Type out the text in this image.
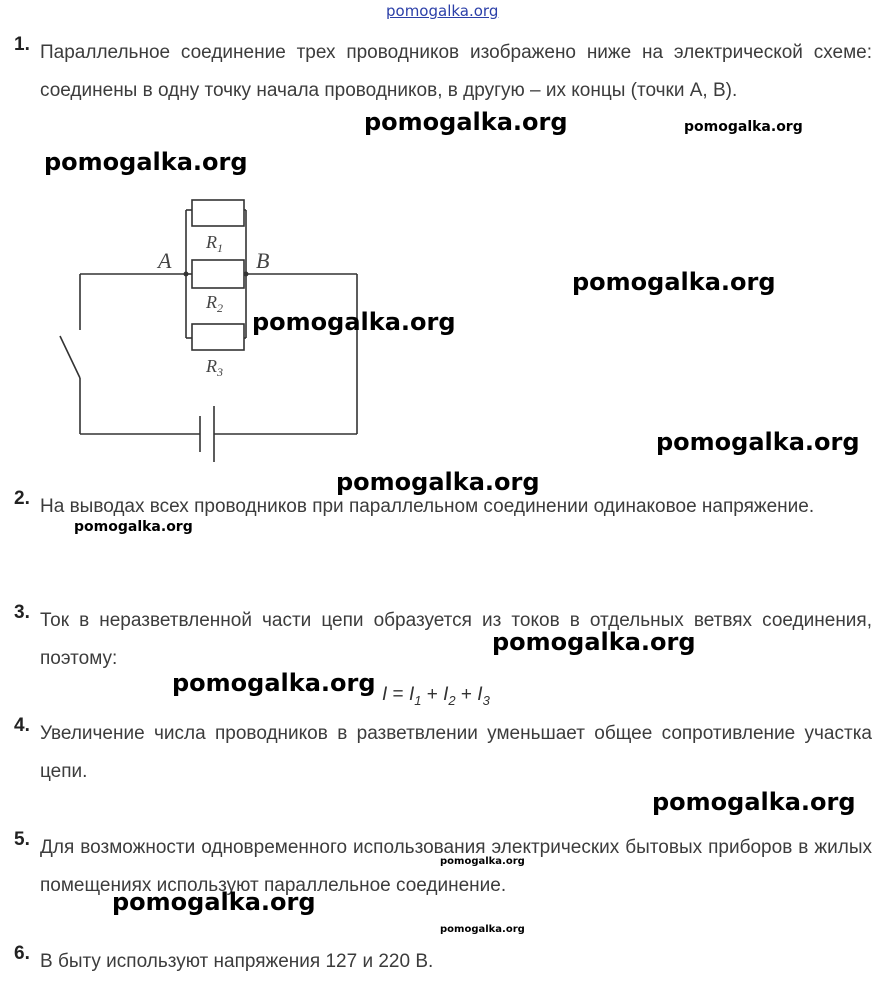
pomogalka.org
1. Параллельное соединение трех проводников изображено ниже на электрической схеме: соединены в одну точку начала проводников, в другую – их концы (точки А, В).
A	B
$R_1$
$R_2$
$R_3$
2. На выводах всех проводников при параллельном соединении одинаковое напряжение.
3. Ток в неразветвленной части цепи образуется из токов в отдельных ветвях соединения, поэтому:
$I = I_1 + I_2 + I_3$
4. Увеличение числа проводников в разветвлении уменьшает общее сопротивление участка цепи.
5. Для возможности одновременного использования электрических бытовых приборов в жилых помещениях используют параллельное соединение.
6. В быту используют напряжения 127 и 220 В.
pomogalka.org	pomogalka.org
pomogalka.org
pomogalka.org
pomogalka.org
pomogalka.org
pomogalka.org
pomogalka.org
pomogalka.org
pomogalka.org
pomogalka.org
pomogalka.org
pomogalka.org
pomogalka.org
